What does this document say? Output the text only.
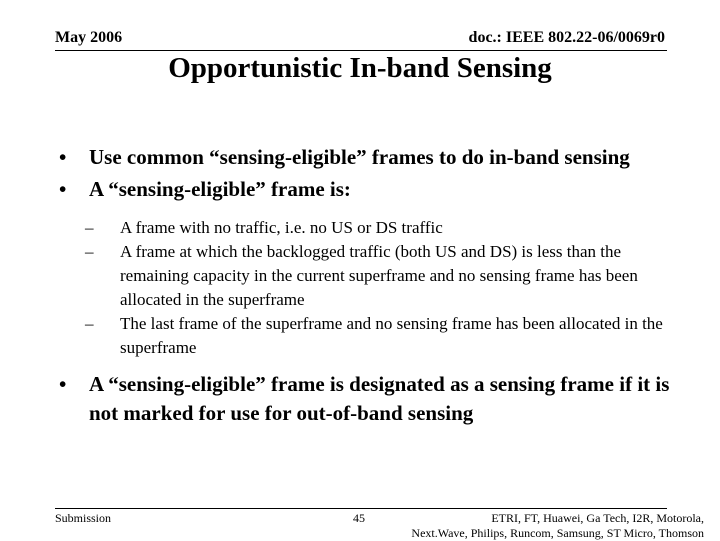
May 2006	doc.: IEEE 802.22-06/0069r0
Opportunistic In-band Sensing
• Use common “sensing-eligible” frames to do in-band sensing
• A “sensing-eligible” frame is:
– A frame with no traffic, i.e. no US or DS traffic
– A frame at which the backlogged traffic (both US and DS) is less than the remaining capacity in the current superframe and no sensing frame has been allocated in the superframe
– The last frame of the superframe and no sensing frame has been allocated in the superframe
• A “sensing-eligible” frame is designated as a sensing frame if it is not marked for use for out-of-band sensing
Submission	45	ETRI, FT, Huawei, Ga Tech, I2R, Motorola,
Next.Wave, Philips, Runcom, Samsung, ST Micro, Thomson
